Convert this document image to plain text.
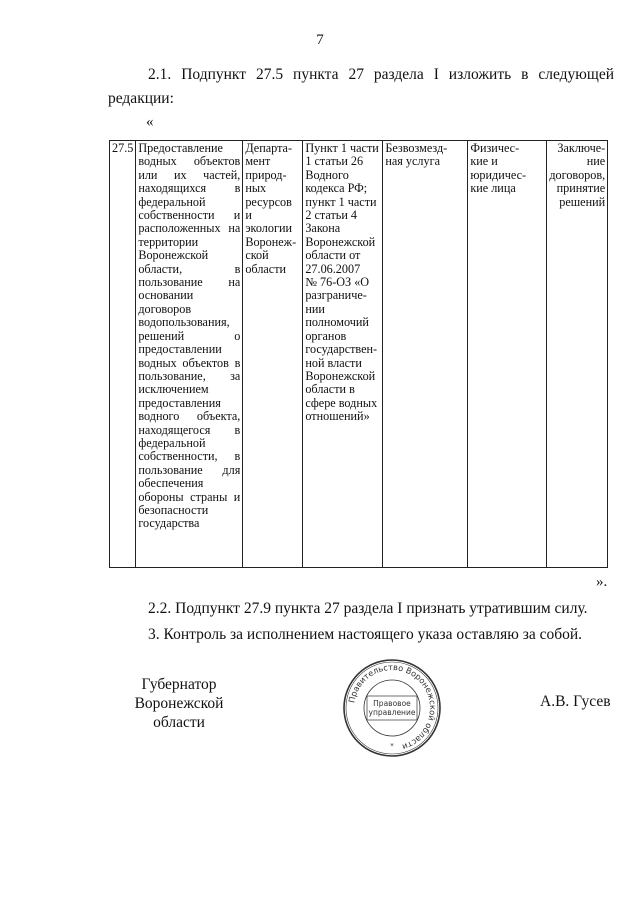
7
2.1. Подпункт 27.5 пункта 27 раздела I изложить в следующей
редакции:
«
27.5	Предоставление водных объектов или их частей, находящихся в федеральной собственности и расположенных на территории Воронежской области, в пользование на основании договоров водопользования, решений о предоставлении водных объектов в пользование, за исключением предоставления водного объекта, находящегося в федеральной собственности, в пользование для обеспечения обороны страны и безопасности государства	Департа-
мент
природ-
ных
ресурсов
и
экологии
Воронеж-
ской
области	Пункт 1 части
1 статьи 26
Водного
кодекса РФ;
пункт 1 части
2 статьи 4
Закона
Воронежской
области от
27.06.2007
№ 76-ОЗ «О
разграниче-
нии
полномочий
органов
государствен-
ной власти
Воронежской
области в
сфере водных
отношений»	Безвозмезд-
ная услуга	Физичес-
кие и
юридичес-
кие лица	Заключе-
ние
договоров,
принятие
решений
».
2.2. Подпункт 27.9 пункта 27 раздела I признать утратившим силу.
3. Контроль за исполнением настоящего указа оставляю за собой.
Губернатор
Воронежской области
Правительство Воронежской области
Правовое
управление
*
А.В. Гусев
